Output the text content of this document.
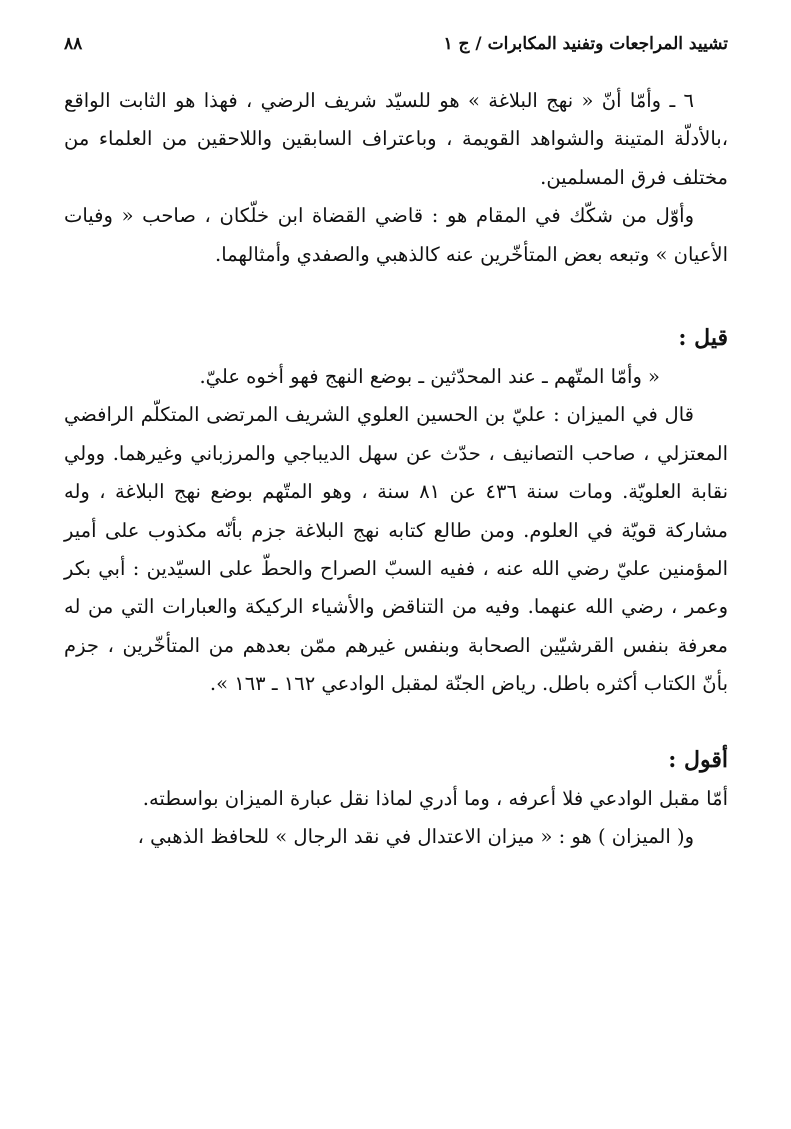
تشييد المراجعات وتفنيد المكابرات / ج ١
٨٨

٦ ـ وأمّا أنّ « نهج البلاغة » هو للسيّد شريف الرضي ، فهذا هو الثابت الواقع ،بالأدلّة المتينة والشواهد القويمة ، وباعتراف السابقين واللاحقين من العلماء من مختلف فرق المسلمين.

وأوّل من شكّك في المقام هو : قاضي القضاة ابن خلّكان ، صاحب « وفيات الأعيان » وتبعه بعض المتأخّرين عنه كالذهبي والصفدي وأمثالهما.

قيل :

« وأمّا المتّهم ـ عند المحدّثين ـ بوضع النهج فهو أخوه عليّ.

قال في الميزان : عليّ بن الحسين العلوي الشريف المرتضى المتكلّم الرافضي المعتزلي ، صاحب التصانيف ، حدّث عن سهل الديباجي والمرزباني وغيرهما. وولي نقابة العلويّة. ومات سنة ٤٣٦ عن ٨١ سنة ، وهو المتّهم بوضع نهج البلاغة ، وله مشاركة قويّة في العلوم. ومن طالع كتابه نهج البلاغة جزم بأنّه مكذوب على أمير المؤمنين عليّ رضي الله عنه ، ففيه السبّ الصراح والحطّ على السيّدين : أبي بكر وعمر ، رضي الله عنهما. وفيه من التناقض والأشياء الركيكة والعبارات التي من له معرفة بنفس القرشيّين الصحابة وبنفس غيرهم ممّن بعدهم من المتأخّرين ، جزم بأنّ الكتاب أكثره باطل. رياض الجنّة لمقبل الوادعي ١٦٢ ـ ١٦٣ ».

أقول :

أمّا مقبل الوادعي فلا أعرفه ، وما أدري لماذا نقل عبارة الميزان بواسطته.

و( الميزان ) هو : « ميزان الاعتدال في نقد الرجال » للحافظ الذهبي ،
